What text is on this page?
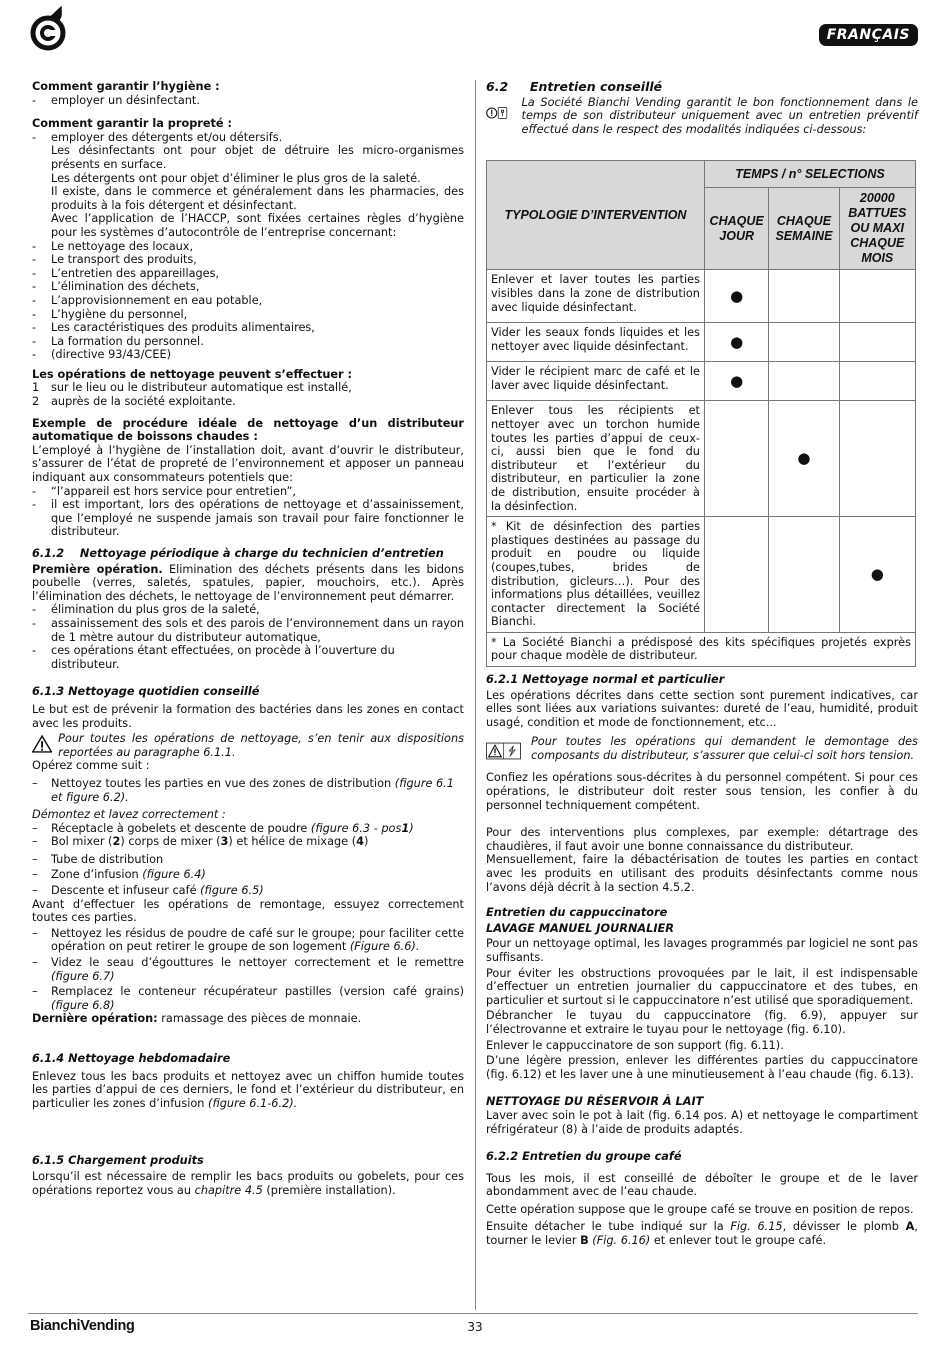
FRANÇAIS

Comment garantir l’hygiène :

- employer un désinfectant.

Comment garantir la propreté :

- employer des détergents et/ou détersifs.

Les désinfectants ont pour objet de détruire les micro-organismes présents en surface.

Les détergents ont pour objet d’éliminer le plus gros de la saleté.

Il existe, dans le commerce et généralement dans les pharmacies, des produits à la fois détergent et désinfectant.

Avec l’application de l’HACCP, sont fixées certaines règles d’hygiène pour les systèmes d’autocontrôle de l’entreprise concernant:

- Le nettoyage des locaux,

- Le transport des produits,

- L’entretien des appareillages,

- L’élimination des déchets,

- L’approvisionnement en eau potable,

- L’hygiène du personnel,

- Les caractéristiques des produits alimentaires,

- La formation du personnel.

- (directive 93/43/CEE)

Les opérations de nettoyage peuvent s’effectuer :

1 sur le lieu ou le distributeur automatique est installé,

2 auprès de la société exploitante.

Exemple de procédure idéale de nettoyage d’un distributeur automatique de boissons chaudes :

L’employé à l’hygiène de l’installation doit, avant d’ouvrir le distributeur, s’assurer de l’état de propreté de l’environnement et apposer un panneau indiquant aux consommateurs potentiels que:

- “l’appareil est hors service pour entretien”,

- il est important, lors des opérations de nettoyage et d’assainissement, que l’employé ne suspende jamais son travail pour faire fonctionner le distributeur.

6.1.2 Nettoyage périodique à charge du technicien d’entretien

Première opération. Elimination des déchets présents dans les bidons poubelle (verres, saletés, spatules, papier, mouchoirs, etc.). Après l’élimination des déchets, le nettoyage de l’environnement peut démarrer.

- élimination du plus gros de la saleté,

- assainissement des sols et des parois de l’environnement dans un rayon de 1 mètre autour du distributeur automatique,

- ces opérations étant effectuées, on procède à l’ouverture du distributeur.

6.1.3 Nettoyage quotidien conseillé

Le but est de prévenir la formation des bactéries dans les zones en contact avec les produits.

Pour toutes les opérations de nettoyage, s’en tenir aux dispositions reportées au paragraphe 6.1.1.

Opérez comme suit :

– Nettoyez toutes les parties en vue des zones de distribution (figure 6.1 et figure 6.2).

Démontez et lavez correctement :

– Réceptacle à gobelets et descente de poudre (figure 6.3 - pos1)

– Bol mixer (2) corps de mixer (3) et hélice de mixage (4)

– Tube de distribution

– Zone d’infusion (figure 6.4)

– Descente et infuseur café (figure 6.5)

Avant d’effectuer les opérations de remontage, essuyez correctement toutes ces parties.

– Nettoyez les résidus de poudre de café sur le groupe; pour faciliter cette opération on peut retirer le groupe de son logement (Figure 6.6).

– Videz le seau d’égouttures le nettoyer correctement et le remettre (figure 6.7)

– Remplacez le conteneur récupérateur pastilles (version café grains) (figure 6.8)

Dernière opération: ramassage des pièces de monnaie.

6.1.4 Nettoyage hebdomadaire

Enlevez tous les bacs produits et nettoyez avec un chiffon humide toutes les parties d’appui de ces derniers, le fond et l’extérieur du distributeur, en particulier les zones d’infusion (figure 6.1-6.2).

6.1.5 Chargement produits

Lorsqu’il est nécessaire de remplir les bacs produits ou gobelets, pour ces opérations reportez vous au chapitre 4.5 (première installation).

6.2 Entretien conseillé

La Société Bianchi Vending garantit le bon fonctionnement dans le temps de son distributeur uniquement avec un entretien préventif effectué dans le respect des modalités indiquées ci-dessous:
TYPOLOGIE D’INTERVENTION	TEMPS / n° SELECTIONS		
	CHAQUE JOUR	CHAQUE SEMAINE	20000 BATTUES OU MAXI CHAQUE MOIS
Enlever et laver toutes les parties visibles dans la zone de distribution avec liquide désinfectant.	●		
Vider les seaux fonds liquides et les nettoyer avec liquide désinfectant.	●		
Vider le récipient marc de café et le laver avec liquide désinfectant.	●		
Enlever tous les récipients et nettoyer avec un torchon humide toutes les parties d’appui de ceux-ci, aussi bien que le fond du distributeur et l’extérieur du distributeur, en particulier la zone de distribution, ensuite procéder à la désinfection.		●	
* Kit de désinfection des parties plastiques destinées au passage du produit en poudre ou liquide (coupes,tubes, brides de distribution, gicleurs…). Pour des informations plus détaillées, veuillez contacter directement la Société Bianchi.			●
* La Société Bianchi a prédisposé des kits spécifiques projetés exprès pour chaque modèle de distributeur.			

6.2.1 Nettoyage normal et particulier

Les opérations décrites dans cette section sont purement indicatives, car elles sont liées aux variations suivantes: dureté de l’eau, humidité, produit usagé, condition et mode de fonctionnement, etc...

Pour toutes les opérations qui demandent le demontage des composants du distributeur, s’assurer que celui-ci soit hors tension.

Confiez les opérations sous-décrites à du personnel compétent. Si pour ces opérations, le distributeur doit rester sous tension, les confier à du personnel techniquement compétent.

Pour des interventions plus complexes, par exemple: détartrage des chaudières, il faut avoir une bonne connaissance du distributeur.

Mensuellement, faire la débactérisation de toutes les parties en contact avec les produits en utilisant des produits désinfectants comme nous l’avons déjà décrit à la section 4.5.2.

Entretien du cappuccinatore

LAVAGE MANUEL JOURNALIER

Pour un nettoyage optimal, les lavages programmés par logiciel ne sont pas suffisants.

Pour éviter les obstructions provoquées par le lait, il est indispensable d’effectuer un entretien journalier du cappuccinatore et des tubes, en particulier et surtout si le cappuccinatore n’est utilisé que sporadiquement.

Débrancher le tuyau du cappuccinatore (fig. 6.9), appuyer sur l’électrovanne et extraire le tuyau pour le nettoyage (fig. 6.10).

Enlever le cappuccinatore de son support (fig. 6.11).

D’une légère pression, enlever les différentes parties du cappuccinatore (fig. 6.12) et les laver une à une minutieusement à l’eau chaude (fig. 6.13).

NETTOYAGE DU RÉSERVOIR À LAIT

Laver avec soin le pot à lait (fig. 6.14 pos. A) et nettoyage le compartiment réfrigérateur (8) à l’aide de produits adaptés.

6.2.2 Entretien du groupe café

Tous les mois, il est conseillé de déboîter le groupe et de le laver abondamment avec de l’eau chaude.

Cette opération suppose que le groupe café se trouve en position de repos.

Ensuite détacher le tube indiqué sur la Fig. 6.15, dévisser le plomb A, tourner le levier B (Fig. 6.16) et enlever tout le groupe café.

BianchiVending	33
